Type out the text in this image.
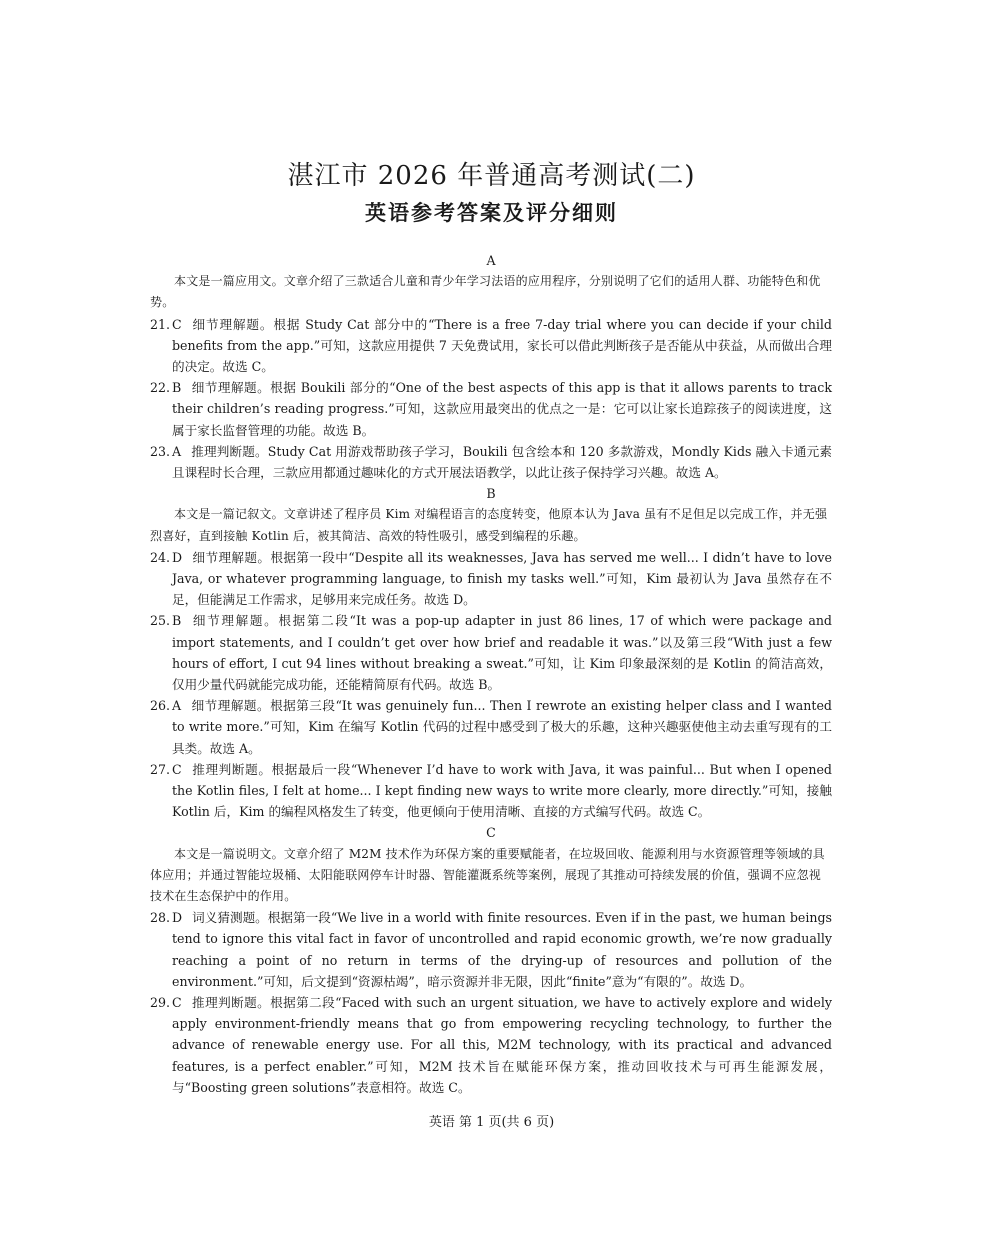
湛江市 2026 年普通高考测试(二)
英语参考答案及评分细则
A
本文是一篇应用文。文章介绍了三款适合儿童和青少年学习法语的应用程序，分别说明了它们的适用人群、功能特色和优势。
21. C 细节理解题。根据 Study Cat 部分中的“There is a free 7-day trial where you can decide if your child benefits from the app.”可知，这款应用提供 7 天免费试用，家长可以借此判断孩子是否能从中获益，从而做出合理的决定。故选 C。
22. B 细节理解题。根据 Boukili 部分的“One of the best aspects of this app is that it allows parents to track their children’s reading progress.”可知，这款应用最突出的优点之一是：它可以让家长追踪孩子的阅读进度，这属于家长监督管理的功能。故选 B。
23. A 推理判断题。Study Cat 用游戏帮助孩子学习，Boukili 包含绘本和 120 多款游戏，Mondly Kids 融入卡通元素且课程时长合理，三款应用都通过趣味化的方式开展法语教学，以此让孩子保持学习兴趣。故选 A。
B
本文是一篇记叙文。文章讲述了程序员 Kim 对编程语言的态度转变，他原本认为 Java 虽有不足但足以完成工作，并无强烈喜好，直到接触 Kotlin 后，被其简洁、高效的特性吸引，感受到编程的乐趣。
24. D 细节理解题。根据第一段中“Despite all its weaknesses, Java has served me well... I didn’t have to love Java, or whatever programming language, to finish my tasks well.”可知，Kim 最初认为 Java 虽然存在不足，但能满足工作需求，足够用来完成任务。故选 D。
25. B 细节理解题。根据第二段“It was a pop-up adapter in just 86 lines, 17 of which were package and import statements, and I couldn’t get over how brief and readable it was.”以及第三段“With just a few hours of effort, I cut 94 lines without breaking a sweat.”可知，让 Kim 印象最深刻的是 Kotlin 的简洁高效，仅用少量代码就能完成功能，还能精简原有代码。故选 B。
26. A 细节理解题。根据第三段“It was genuinely fun... Then I rewrote an existing helper class and I wanted to write more.”可知，Kim 在编写 Kotlin 代码的过程中感受到了极大的乐趣，这种兴趣驱使他主动去重写现有的工具类。故选 A。
27. C 推理判断题。根据最后一段“Whenever I’d have to work with Java, it was painful... But when I opened the Kotlin files, I felt at home... I kept finding new ways to write more clearly, more directly.”可知，接触 Kotlin 后，Kim 的编程风格发生了转变，他更倾向于使用清晰、直接的方式编写代码。故选 C。
C
本文是一篇说明文。文章介绍了 M2M 技术作为环保方案的重要赋能者，在垃圾回收、能源利用与水资源管理等领域的具体应用；并通过智能垃圾桶、太阳能联网停车计时器、智能灌溉系统等案例，展现了其推动可持续发展的价值，强调不应忽视技术在生态保护中的作用。
28. D 词义猜测题。根据第一段“We live in a world with finite resources. Even if in the past, we human beings tend to ignore this vital fact in favor of uncontrolled and rapid economic growth, we’re now gradually reaching a point of no return in terms of the drying-up of resources and pollution of the environment.”可知，后文提到“资源枯竭”，暗示资源并非无限，因此“finite”意为“有限的”。故选 D。
29. C 推理判断题。根据第二段“Faced with such an urgent situation, we have to actively explore and widely apply environment-friendly means that go from empowering recycling technology, to further the advance of renewable energy use. For all this, M2M technology, with its practical and advanced features, is a perfect enabler.”可知，M2M 技术旨在赋能环保方案，推动回收技术与可再生能源发展，与“Boosting green solutions”表意相符。故选 C。
英语 第 1 页(共 6 页)
